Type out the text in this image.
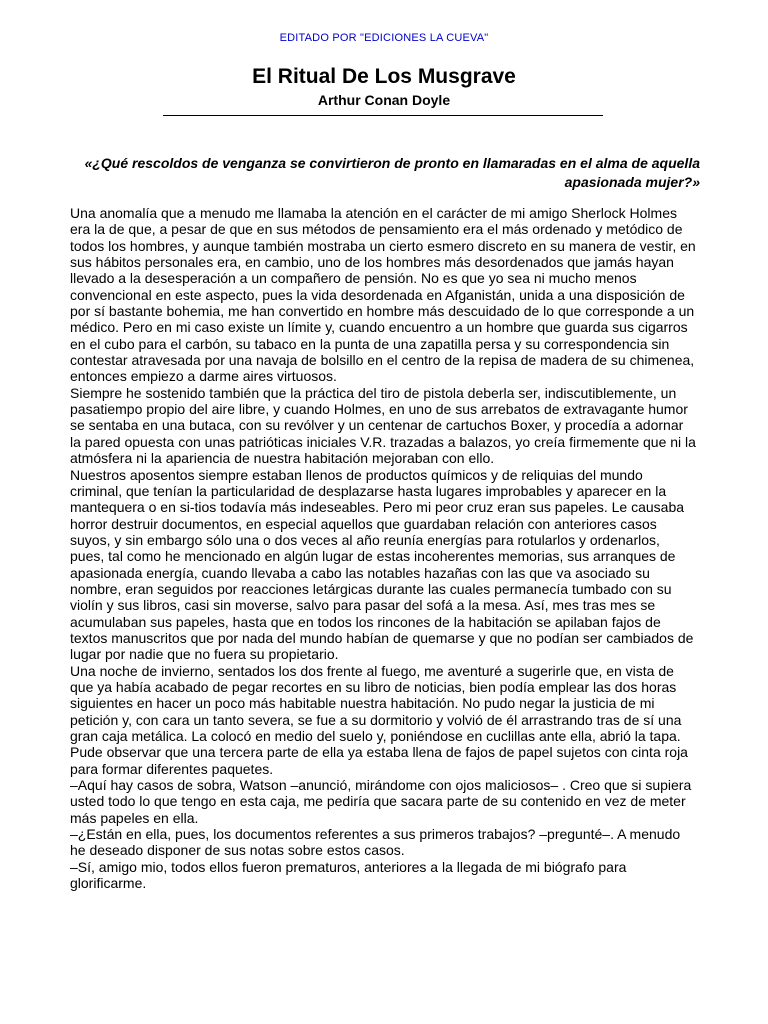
EDITADO POR "EDICIONES LA CUEVA"
El Ritual De Los Musgrave
Arthur Conan Doyle
«¿Qué rescoldos de venganza se convirtieron de pronto en llamaradas en el alma de aquella apasionada mujer?»

Una anomalía que a menudo me llamaba la atención en el carácter de mi amigo Sherlock Holmes era la de que, a pesar de que en sus métodos de pensamiento era el más ordenado y metódico de todos los hombres, y aunque también mostraba un cierto esmero discreto en su manera de vestir, en sus hábitos personales era, en cambio, uno de los hombres más desordenados que jamás hayan llevado a la desesperación a un compañero de pensión. No es que yo sea ni mucho menos convencional en este aspecto, pues la vida desordenada en Afganistán, unida a una disposición de por sí bastante bohemia, me han convertido en hombre más descuidado de lo que corresponde a un médico. Pero en mi caso existe un límite y, cuando encuentro a un hombre que guarda sus cigarros en el cubo para el carbón, su tabaco en la punta de una zapatilla persa y su correspondencia sin contestar atravesada por una navaja de bolsillo en el centro de la repisa de madera de su chimenea, entonces empiezo a darme aires virtuosos.

Siempre he sostenido también que la práctica del tiro de pistola deberla ser, indiscutiblemente, un pasatiempo propio del aire libre, y cuando Holmes, en uno de sus arrebatos de extravagante humor se sentaba en una butaca, con su revólver y un centenar de cartuchos Boxer, y procedía a adornar la pared opuesta con unas patrióticas iniciales V.R. trazadas a balazos, yo creía firmemente que ni la atmósfera ni la apariencia de nuestra habitación mejoraban con ello.

Nuestros aposentos siempre estaban llenos de productos químicos y de reliquias del mundo criminal, que tenían la particularidad de desplazarse hasta lugares improbables y aparecer en la mantequera o en si-tios todavía más indeseables. Pero mi peor cruz eran sus papeles. Le causaba horror destruir documentos, en especial aquellos que guardaban relación con anteriores casos suyos, y sin embargo sólo una o dos veces al año reunía energías para rotularlos y ordenarlos, pues, tal como he mencionado en algún lugar de estas incoherentes memorias, sus arranques de apasionada energía, cuando llevaba a cabo las notables hazañas con las que va asociado su nombre, eran seguidos por reacciones letárgicas durante las cuales permanecía tumbado con su violín y sus libros, casi sin moverse, salvo para pasar del sofá a la mesa. Así, mes tras mes se acumulaban sus papeles, hasta que en todos los rincones de la habitación se apilaban fajos de textos manuscritos que por nada del mundo habían de quemarse y que no podían ser cambiados de lugar por nadie que no fuera su propietario.

Una noche de invierno, sentados los dos frente al fuego, me aventuré a sugerirle que, en vista de que ya había acabado de pegar recortes en su libro de noticias, bien podía emplear las dos horas siguientes en hacer un poco más habitable nuestra habitación. No pudo negar la justicia de mi petición y, con cara un tanto severa, se fue a su dormitorio y volvió de él arrastrando tras de sí una gran caja metálica. La colocó en medio del suelo y, poniéndose en cuclillas ante ella, abrió la tapa. Pude observar que una tercera parte de ella ya estaba llena de fajos de papel sujetos con cinta roja para formar diferentes paquetes.

–Aquí hay casos de sobra, Watson –anunció, mirándome con ojos maliciosos– . Creo que si supiera usted todo lo que tengo en esta caja, me pediría que sacara parte de su contenido en vez de meter más papeles en ella.

–¿Están en ella, pues, los documentos referentes a sus primeros trabajos? –pregunté–. A menudo he deseado disponer de sus notas sobre estos casos.

–Sí, amigo mio, todos ellos fueron prematuros, anteriores a la llegada de mi biógrafo para glorificarme.
